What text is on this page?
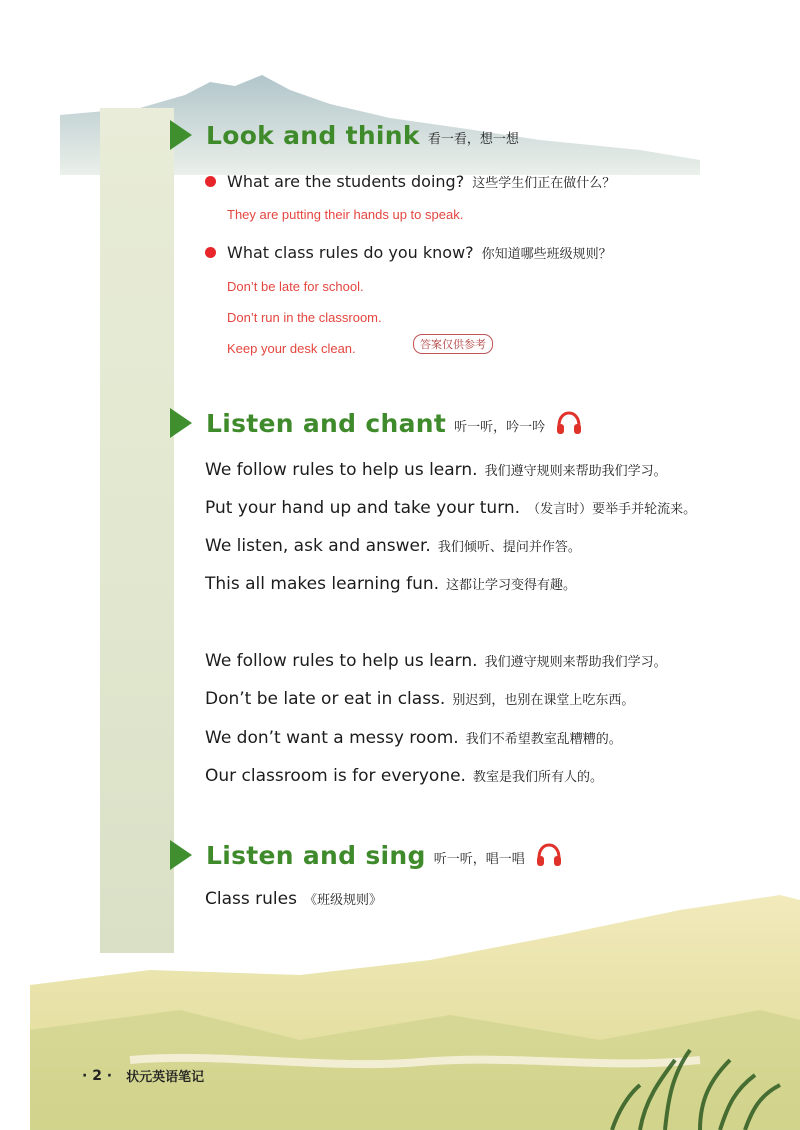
Look and think 看一看，想一想
What are the students doing? 这些学生们正在做什么？
They are putting their hands up to speak.
What class rules do you know? 你知道哪些班级规则？
Don’t be late for school.
Don’t run in the classroom.
Keep your desk clean.	答案仅供参考
Listen and chant 听一听，吟一吟
We follow rules to help us learn. 我们遵守规则来帮助我们学习。
Put your hand up and take your turn. （发言时）要举手并轮流来。
We listen, ask and answer. 我们倾听、提问并作答。
This all makes learning fun. 这都让学习变得有趣。
We follow rules to help us learn. 我们遵守规则来帮助我们学习。
Don’t be late or eat in class. 别迟到，也别在课堂上吃东西。
We don’t want a messy room. 我们不希望教室乱糟糟的。
Our classroom is for everyone. 教室是我们所有人的。
Listen and sing 听一听，唱一唱
Class rules 《班级规则》
· 2 · 状元英语笔记
